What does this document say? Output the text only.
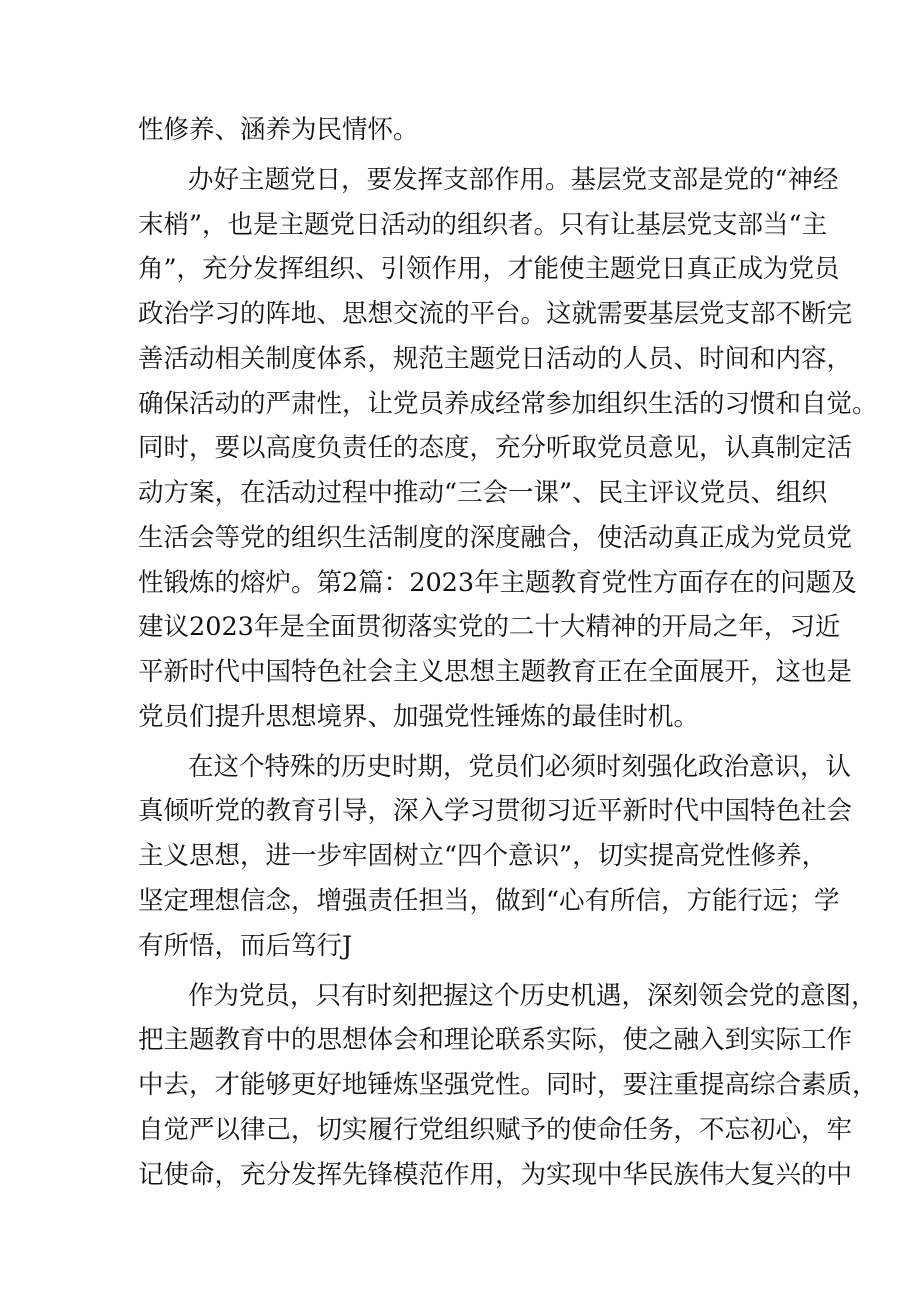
性修养、涵养为民情怀。
办好主题党日，要发挥支部作用。基层党支部是党的“神经
末梢”，也是主题党日活动的组织者。只有让基层党支部当“主
角”，充分发挥组织、引领作用，才能使主题党日真正成为党员
政治学习的阵地、思想交流的平台。这就需要基层党支部不断完
善活动相关制度体系，规范主题党日活动的人员、时间和内容，
确保活动的严肃性，让党员养成经常参加组织生活的习惯和自觉。
同时，要以高度负责任的态度，充分听取党员意见，认真制定活
动方案，在活动过程中推动“三会一课”、民主评议党员、组织
生活会等党的组织生活制度的深度融合，使活动真正成为党员党
性锻炼的熔炉。第2篇：2023年主题教育党性方面存在的问题及
建议2023年是全面贯彻落实党的二十大精神的开局之年，习近
平新时代中国特色社会主义思想主题教育正在全面展开，这也是
党员们提升思想境界、加强党性锤炼的最佳时机。
在这个特殊的历史时期，党员们必须时刻强化政治意识，认
真倾听党的教育引导，深入学习贯彻习近平新时代中国特色社会
主义思想，进一步牢固树立“四个意识”，切实提高党性修养，
坚定理想信念，增强责任担当，做到“心有所信，方能行远；学
有所悟，而后笃行J
作为党员，只有时刻把握这个历史机遇，深刻领会党的意图，
把主题教育中的思想体会和理论联系实际，使之融入到实际工作
中去，才能够更好地锤炼坚强党性。同时，要注重提高综合素质，
自觉严以律己，切实履行党组织赋予的使命任务，不忘初心，牢
记使命，充分发挥先锋模范作用，为实现中华民族伟大复兴的中
